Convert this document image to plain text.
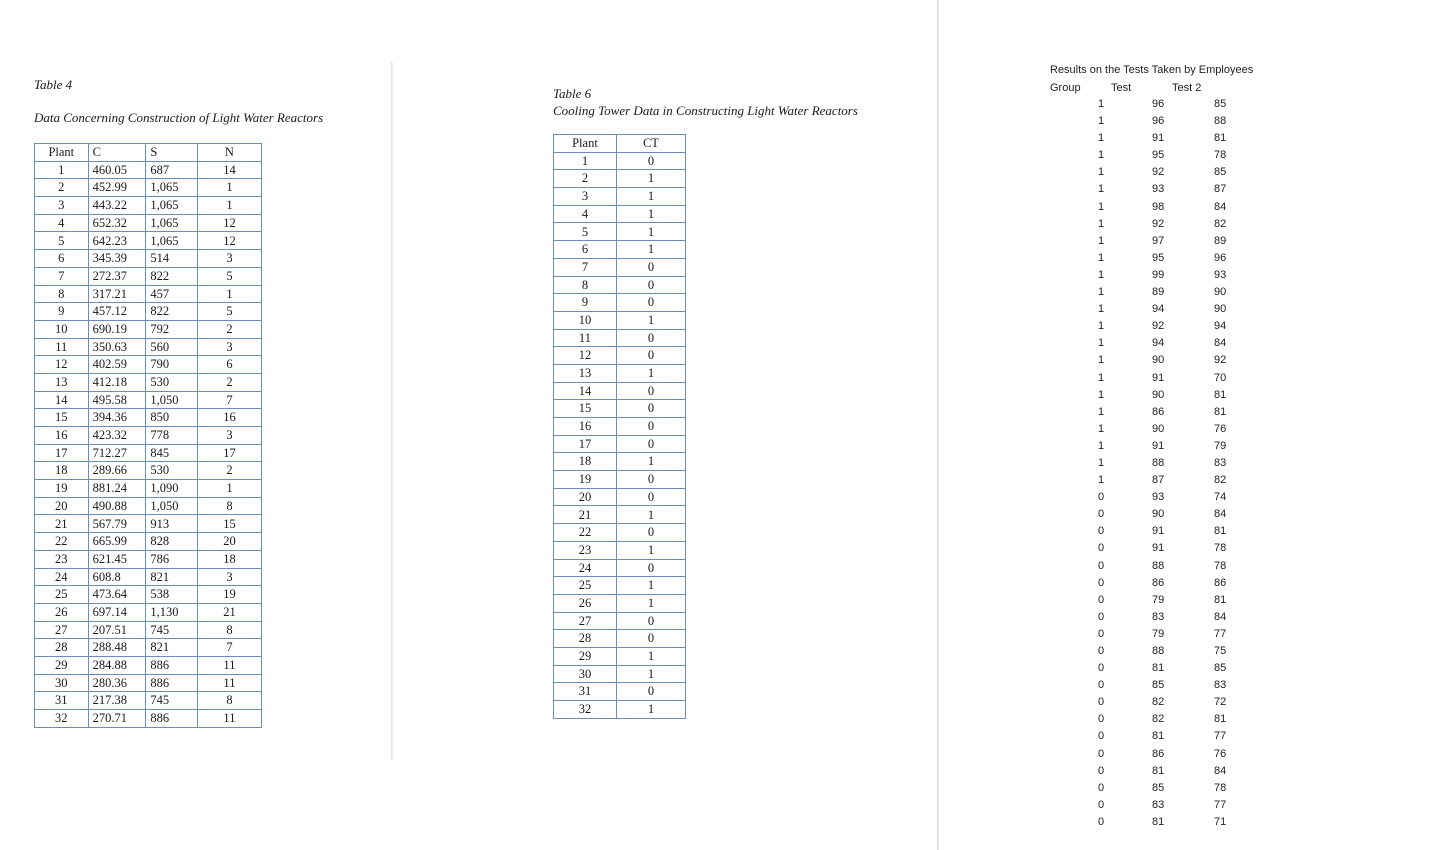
Table 4
Data Concerning Construction of Light Water Reactors
Plant	C	S	N
1	460.05	687	14
2	452.99	1,065	1
3	443.22	1,065	1
4	652.32	1,065	12
5	642.23	1,065	12
6	345.39	514	3
7	272.37	822	5
8	317.21	457	1
9	457.12	822	5
10	690.19	792	2
11	350.63	560	3
12	402.59	790	6
13	412.18	530	2
14	495.58	1,050	7
15	394.36	850	16
16	423.32	778	3
17	712.27	845	17
18	289.66	530	2
19	881.24	1,090	1
20	490.88	1,050	8
21	567.79	913	15
22	665.99	828	20
23	621.45	786	18
24	608.8	821	3
25	473.64	538	19
26	697.14	1,130	21
27	207.51	745	8
28	288.48	821	7
29	284.88	886	11
30	280.36	886	11
31	217.38	745	8
32	270.71	886	11
Table 6
Cooling Tower Data in Constructing Light Water Reactors
Plant	CT
1	0
2	1
3	1
4	1
5	1
6	1
7	0
8	0
9	0
10	1
11	0
12	0
13	1
14	0
15	0
16	0
17	0
18	1
19	0
20	0
21	1
22	0
23	1
24	0
25	1
26	1
27	0
28	0
29	1
30	1
31	0
32	1
Results on the Tests Taken by Employees
Group	Test	Test 2
1	96	85
1	96	88
1	91	81
1	95	78
1	92	85
1	93	87
1	98	84
1	92	82
1	97	89
1	95	96
1	99	93
1	89	90
1	94	90
1	92	94
1	94	84
1	90	92
1	91	70
1	90	81
1	86	81
1	90	76
1	91	79
1	88	83
1	87	82
0	93	74
0	90	84
0	91	81
0	91	78
0	88	78
0	86	86
0	79	81
0	83	84
0	79	77
0	88	75
0	81	85
0	85	83
0	82	72
0	82	81
0	81	77
0	86	76
0	81	84
0	85	78
0	83	77
0	81	71
